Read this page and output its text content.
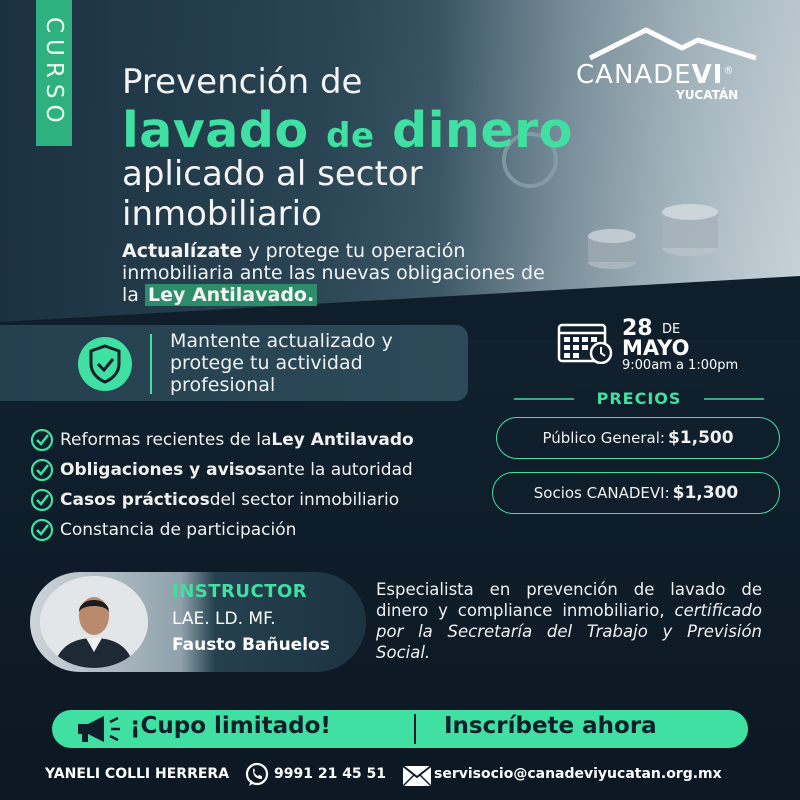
CURSO Prevención de
lavado de dinero
aplicado al sector
inmobiliario
Actualízate y protege tu operación inmobiliaria ante las nuevas obligaciones de la Ley Antilavado.
CANADEVI®
YUCATÁN
Mantente actualizado y protege tu actividad profesional
28 DE
MAYO
9:00am a 1:00pm
PRECIOS
Público General: $1,500
Socios CANADEVI: $1,300
Reformas recientes de la Ley Antilavado
Obligaciones y avisos ante la autoridad
Casos prácticos del sector inmobiliario
Constancia de participación
INSTRUCTOR
LAE. LD. MF.
Fausto Bañuelos
Especialista en prevención de lavado de dinero y compliance inmobiliario, certificado por la Secretaría del Trabajo y Previsión Social.
¡Cupo limitado!	Inscríbete ahora
YANELI COLLI HERRERA	9991 21 45 51	servisocio@canadeviyucatan.org.mx
